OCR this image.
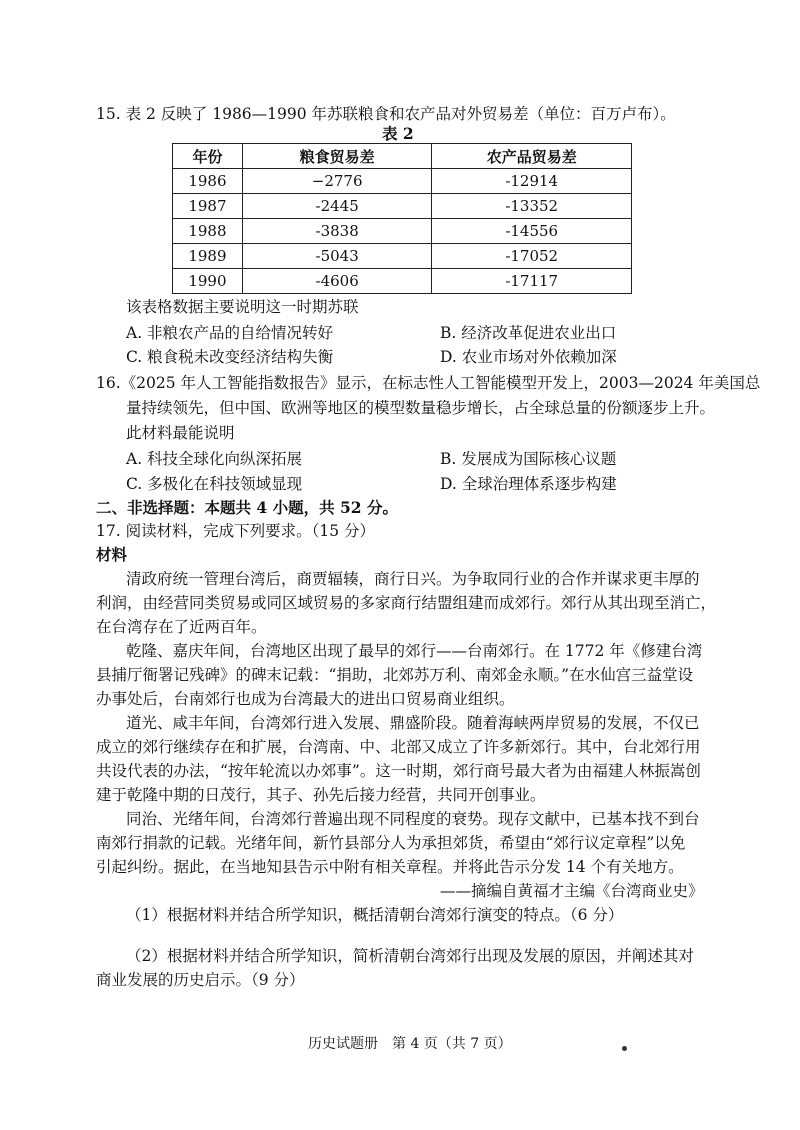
15. 表 2 反映了 1986—1990 年苏联粮食和农产品对外贸易差（单位：百万卢布）。
表 2
年份	粮食贸易差	农产品贸易差
1986	−2776	-12914
1987	-2445	-13352
1988	-3838	-14556
1989	-5043	-17052
1990	-4606	-17117
该表格数据主要说明这一时期苏联
A. 非粮农产品的自给情况转好	B. 经济改革促进农业出口
C. 粮食税未改变经济结构失衡	D. 农业市场对外依赖加深
16.《2025 年人工智能指数报告》显示，在标志性人工智能模型开发上，2003—2024 年美国总
量持续领先，但中国、欧洲等地区的模型数量稳步增长，占全球总量的份额逐步上升。
此材料最能说明
A. 科技全球化向纵深拓展	B. 发展成为国际核心议题
C. 多极化在科技领域显现	D. 全球治理体系逐步构建
二、非选择题：本题共 4 小题，共 52 分。
17. 阅读材料，完成下列要求。（15 分）
材料
清政府统一管理台湾后，商贾辐辏，商行日兴。为争取同行业的合作并谋求更丰厚的
利润，由经营同类贸易或同区域贸易的多家商行结盟组建而成郊行。郊行从其出现至消亡，
在台湾存在了近两百年。
乾隆、嘉庆年间，台湾地区出现了最早的郊行——台南郊行。在 1772 年《修建台湾
县捕厅衙署记残碑》的碑末记载：“捐助，北郊苏万利、南郊金永顺。”在水仙宫三益堂设
办事处后，台南郊行也成为台湾最大的进出口贸易商业组织。
道光、咸丰年间，台湾郊行进入发展、鼎盛阶段。随着海峡两岸贸易的发展，不仅已
成立的郊行继续存在和扩展，台湾南、中、北部又成立了许多新郊行。其中，台北郊行用
共设代表的办法，“按年轮流以办郊事”。这一时期，郊行商号最大者为由福建人林振嵩创
建于乾隆中期的日茂行，其子、孙先后接力经营，共同开创事业。
同治、光绪年间，台湾郊行普遍出现不同程度的衰势。现存文献中，已基本找不到台
南郊行捐款的记载。光绪年间，新竹县部分人为承担郊货，希望由“郊行议定章程”以免
引起纠纷。据此，在当地知县告示中附有相关章程。并将此告示分发 14 个有关地方。
——摘编自黄福才主编《台湾商业史》
（1）根据材料并结合所学知识，概括清朝台湾郊行演变的特点。（6 分）
（2）根据材料并结合所学知识，简析清朝台湾郊行出现及发展的原因，并阐述其对
商业发展的历史启示。（9 分）
历史试题册　第 4 页（共 7 页）
